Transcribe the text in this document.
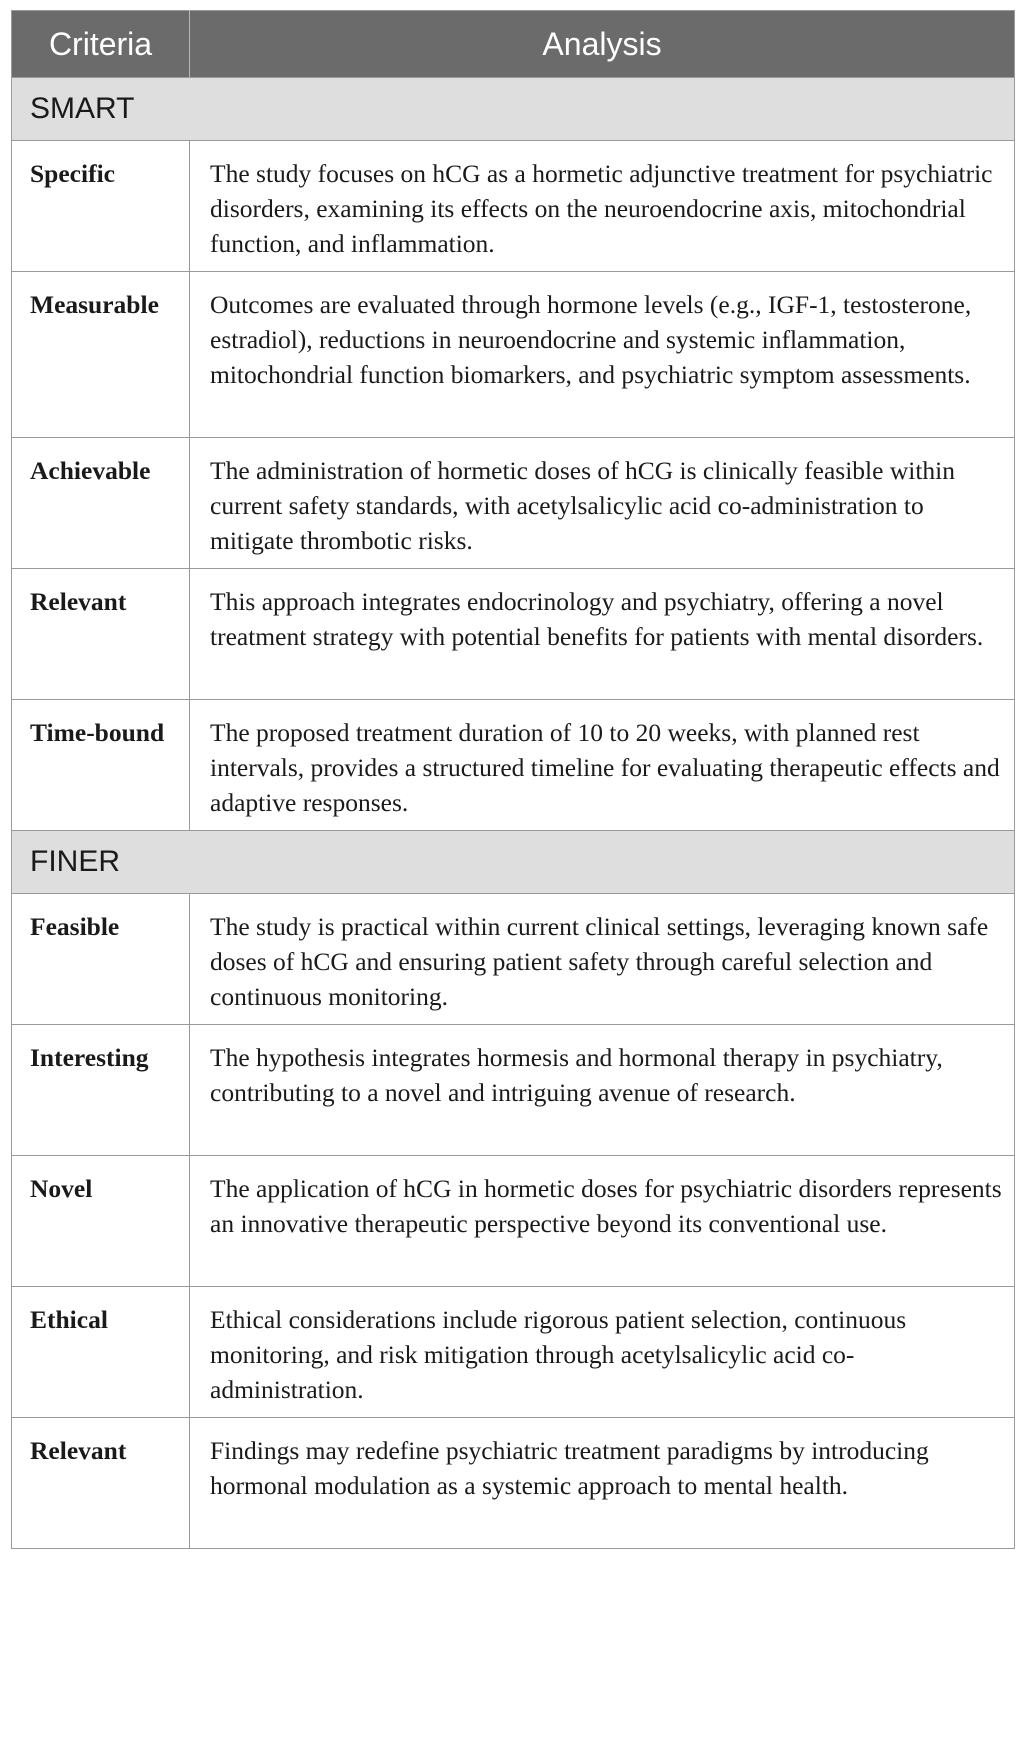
Criteria	Analysis
SMART	
Specific	The study focuses on hCG as a hormetic adjunctive treatment for psychiatric disorders, examining its effects on the neuroendocrine axis, mitochondrial function, and inflammation.
Measurable	Outcomes are evaluated through hormone levels (e.g., IGF-1, testosterone, estradiol), reductions in neuroendocrine and systemic inflammation, mitochondrial function biomarkers, and psychiatric symptom assessments.
Achievable	The administration of hormetic doses of hCG is clinically feasible within current safety standards, with acetylsalicylic acid co-administration to mitigate thrombotic risks.
Relevant	This approach integrates endocrinology and psychiatry, offering a novel treatment strategy with potential benefits for patients with mental disorders.
Time-bound	The proposed treatment duration of 10 to 20 weeks, with planned rest intervals, provides a structured timeline for evaluating therapeutic effects and adaptive responses.
FINER	
Feasible	The study is practical within current clinical settings, leveraging known safe doses of hCG and ensuring patient safety through careful selection and continuous monitoring.
Interesting	The hypothesis integrates hormesis and hormonal therapy in psychiatry, contributing to a novel and intriguing avenue of research.
Novel	The application of hCG in hormetic doses for psychiatric disorders represents an innovative therapeutic perspective beyond its conventional use.
Ethical	Ethical considerations include rigorous patient selection, continuous monitoring, and risk mitigation through acetylsalicylic acid co-administration.
Relevant	Findings may redefine psychiatric treatment paradigms by introducing hormonal modulation as a systemic approach to mental health.
